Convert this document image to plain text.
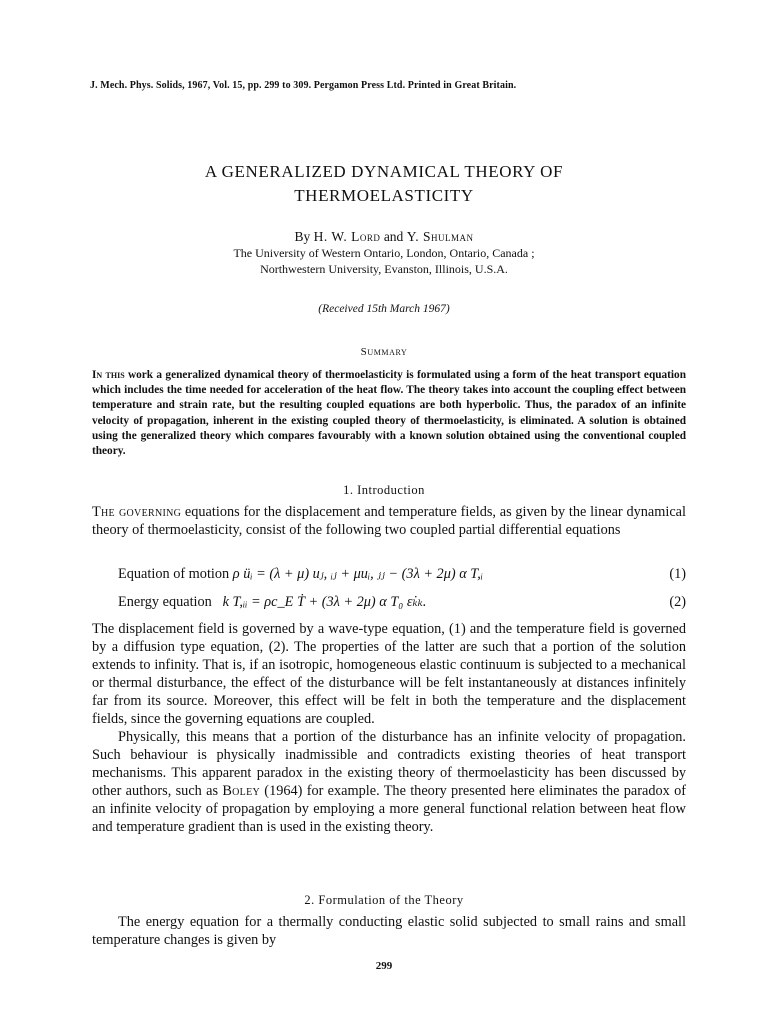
J. Mech. Phys. Solids, 1967, Vol. 15, pp. 299 to 309. Pergamon Press Ltd. Printed in Great Britain.
A GENERALIZED DYNAMICAL THEORY OF
THERMOELASTICITY
By H. W. Lord and Y. Shulman
The University of Western Ontario, London, Ontario, Canada ;
Northwestern University, Evanston, Illinois, U.S.A.
(Received 15th March 1967)
Summary
In this work a generalized dynamical theory of thermoelasticity is formulated using a form of the heat transport equation which includes the time needed for acceleration of the heat flow. The theory takes into account the coupling effect between temperature and strain rate, but the resulting coupled equations are both hyperbolic. Thus, the paradox of an infinite velocity of propagation, inherent in the existing coupled theory of thermoelasticity, is eliminated. A solution is obtained using the generalized theory which compares favourably with a known solution obtained using the conventional coupled theory.
1. Introduction

The governing equations for the displacement and temperature fields, as given by the linear dynamical theory of thermoelasticity, consist of the following two coupled partial differential equations

Equation of motion ρ üᵢ = (λ + μ) uⱼ, ᵢⱼ + μuᵢ, ⱼⱼ − (3λ + 2μ) α T,ᵢ	(1)
Energy equation k T,ᵢᵢ = ρc_E Ṫ + (3λ + 2μ) α T₀ ε̇ₖₖ.	(2)

The displacement field is governed by a wave-type equation, (1) and the temperature field is governed by a diffusion type equation, (2). The properties of the latter are such that a portion of the solution extends to infinity. That is, if an isotropic, homogeneous elastic continuum is subjected to a mechanical or thermal disturbance, the effect of the disturbance will be felt instantaneously at distances infinitely far from its source. Moreover, this effect will be felt in both the temperature and the displacement fields, since the governing equations are coupled.

Physically, this means that a portion of the disturbance has an infinite velocity of propagation. Such behaviour is physically inadmissible and contradicts existing theories of heat transport mechanisms. This apparent paradox in the existing theory of thermoelasticity has been discussed by other authors, such as Boley (1964) for example. The theory presented here eliminates the paradox of an infinite velocity of propagation by employing a more general functional relation between heat flow and temperature gradient than is used in the existing theory.

2. Formulation of the Theory

The energy equation for a thermally conducting elastic solid subjected to small rains and small temperature changes is given by

299
